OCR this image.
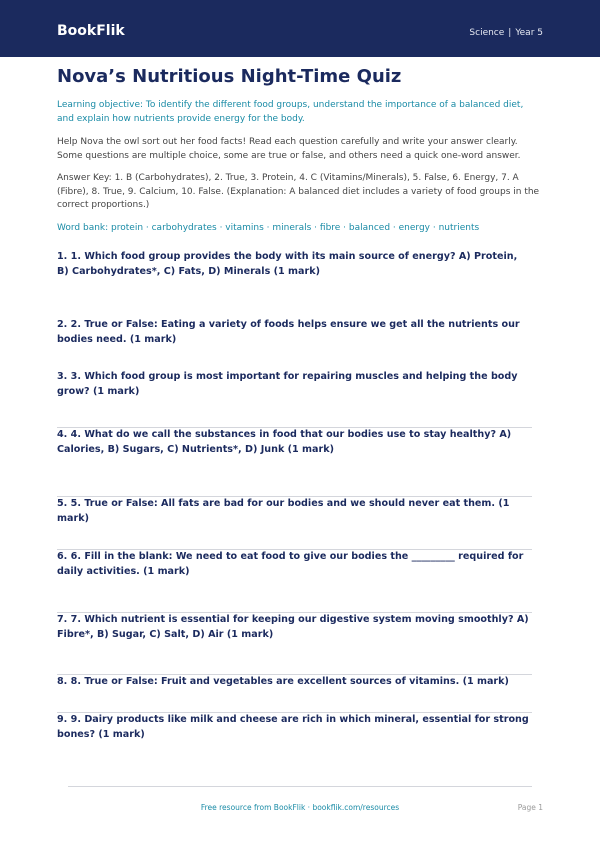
BookFlik	Science | Year 5
Nova’s Nutritious Night-Time Quiz
Learning objective: To identify the different food groups, understand the importance of a balanced diet, and explain how nutrients provide energy for the body.
Help Nova the owl sort out her food facts! Read each question carefully and write your answer clearly. Some questions are multiple choice, some are true or false, and others need a quick one-word answer.
Answer Key: 1. B (Carbohydrates), 2. True, 3. Protein, 4. C (Vitamins/Minerals), 5. False, 6. Energy, 7. A (Fibre), 8. True, 9. Calcium, 10. False. (Explanation: A balanced diet includes a variety of food groups in the correct proportions.)
Word bank: protein · carbohydrates · vitamins · minerals · fibre · balanced · energy · nutrients
1. 1. Which food group provides the body with its main source of energy? A) Protein, B) Carbohydrates*, C) Fats, D) Minerals (1 mark)
2. 2. True or False: Eating a variety of foods helps ensure we get all the nutrients our bodies need. (1 mark)
3. 3. Which food group is most important for repairing muscles and helping the body grow? (1 mark)
4. 4. What do we call the substances in food that our bodies use to stay healthy? A) Calories, B) Sugars, C) Nutrients*, D) Junk (1 mark)
5. 5. True or False: All fats are bad for our bodies and we should never eat them. (1 mark)
6. 6. Fill in the blank: We need to eat food to give our bodies the _________ required for daily activities. (1 mark)
7. 7. Which nutrient is essential for keeping our digestive system moving smoothly? A) Fibre*, B) Sugar, C) Salt, D) Air (1 mark)
8. 8. True or False: Fruit and vegetables are excellent sources of vitamins. (1 mark)
9. 9. Dairy products like milk and cheese are rich in which mineral, essential for strong bones? (1 mark)
Free resource from BookFlik · bookflik.com/resources	Page 1
